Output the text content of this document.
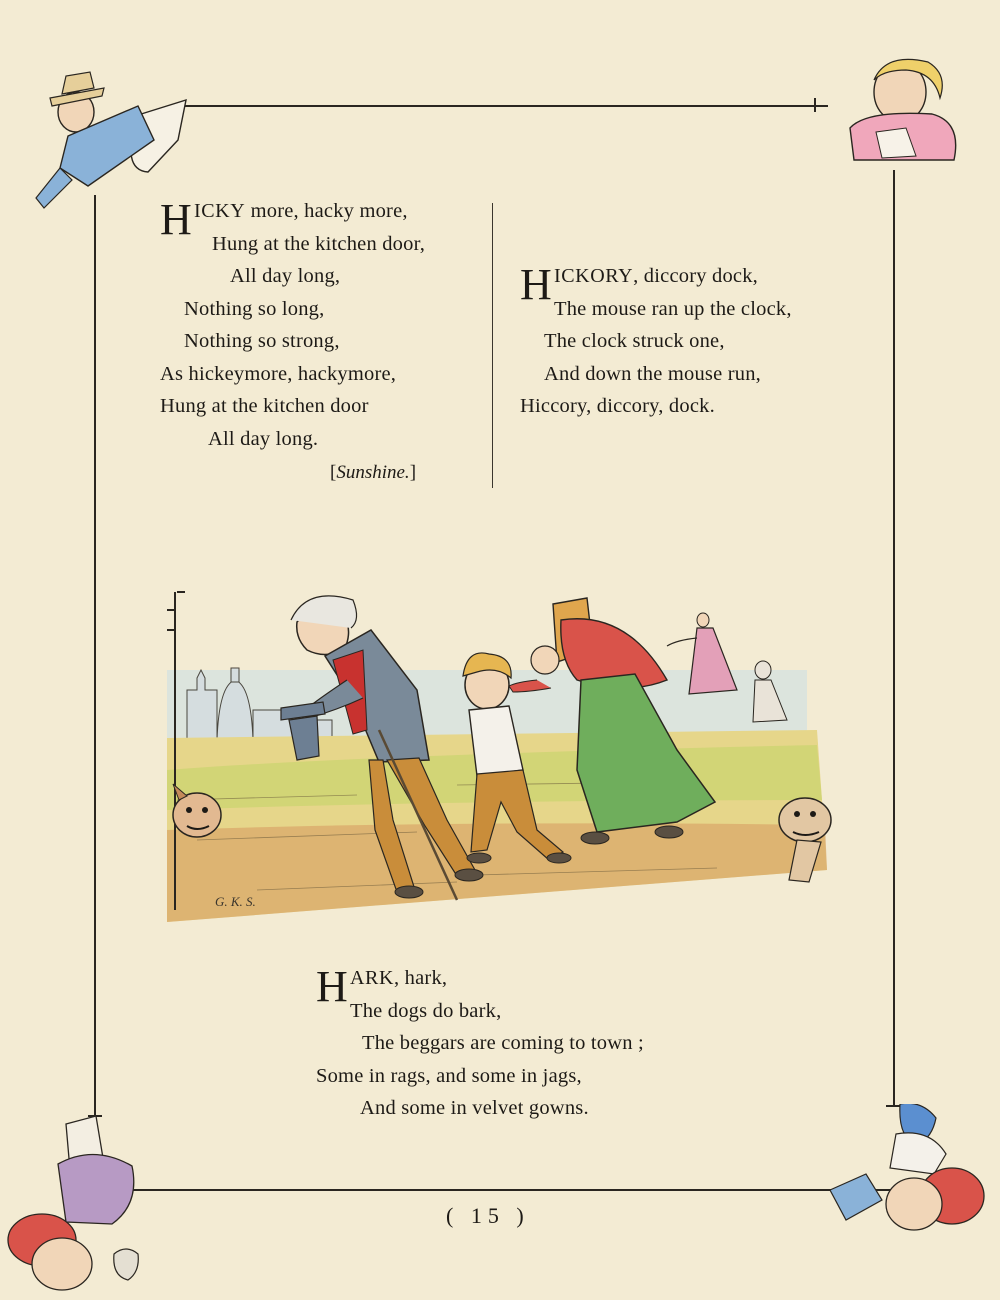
H ICKY more, hacky more,
Hung at the kitchen door,
All day long,
Nothing so long,
Nothing so strong,
As hickeymore, hackymore,
Hung at the kitchen door
All day long.
[Sunshine.]
H ICKORY, diccory dock,
The mouse ran up the clock,
The clock struck one,
And down the mouse run,
Hiccory, diccory, dock.
G. K. S.
H ARK, hark,
The dogs do bark,
The beggars are coming to town ;
Some in rags, and some in jags,
And some in velvet gowns.
( 15 )
